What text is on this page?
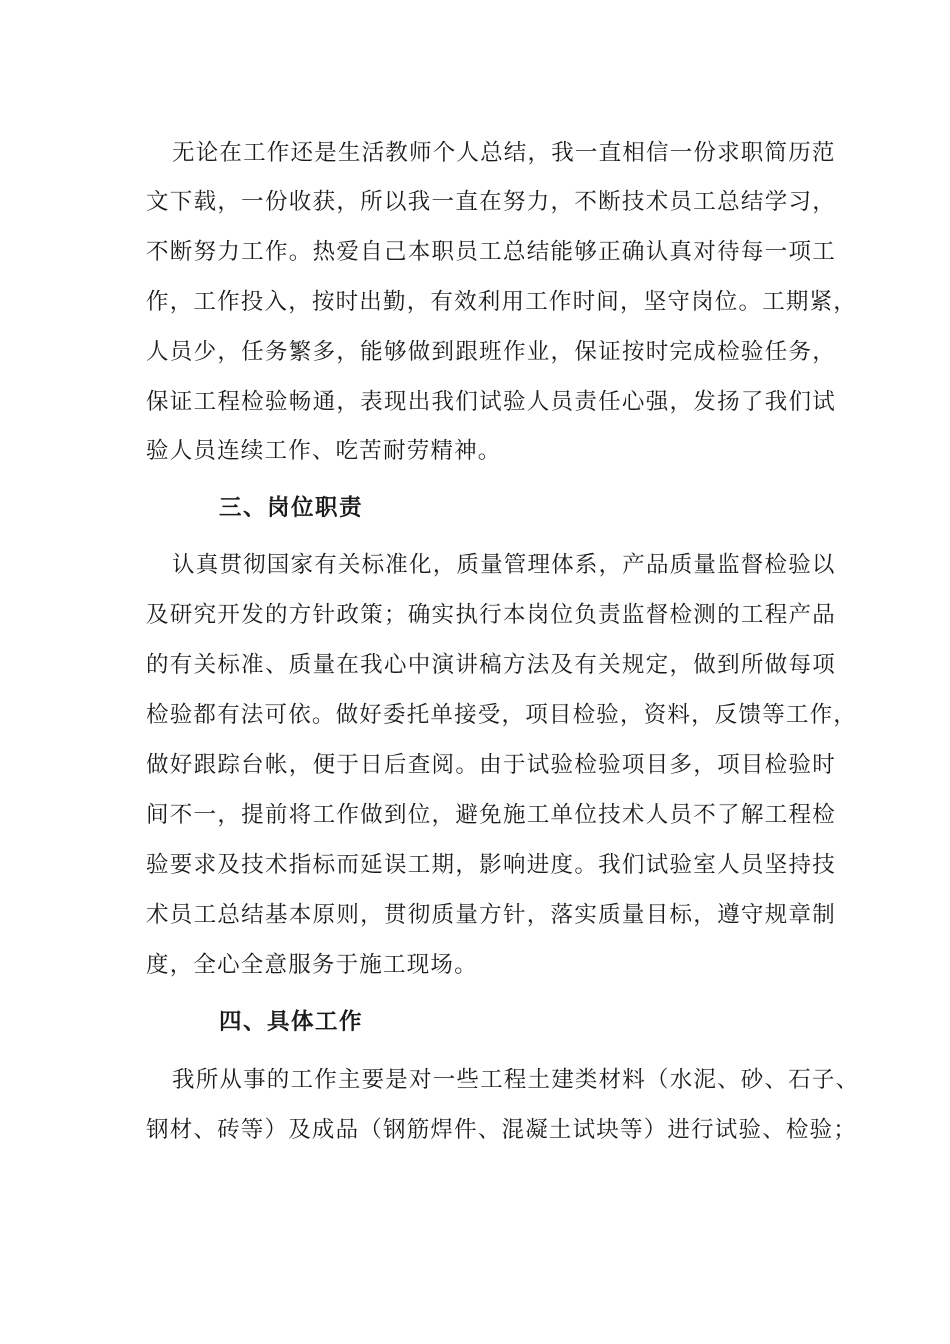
无论在工作还是生活教师个人总结，我一直相信一份求职简历范
文下载，一份收获，所以我一直在努力，不断技术员工总结学习，
不断努力工作。热爱自己本职员工总结能够正确认真对待每一项工
作，工作投入，按时出勤，有效利用工作时间，坚守岗位。工期紧，
人员少，任务繁多，能够做到跟班作业，保证按时完成检验任务，
保证工程检验畅通，表现出我们试验人员责任心强，发扬了我们试
验人员连续工作、吃苦耐劳精神。
三、岗位职责
认真贯彻国家有关标准化，质量管理体系，产品质量监督检验以
及研究开发的方针政策；确实执行本岗位负责监督检测的工程产品
的有关标准、质量在我心中演讲稿方法及有关规定，做到所做每项
检验都有法可依。做好委托单接受，项目检验，资料，反馈等工作，
做好跟踪台帐，便于日后查阅。由于试验检验项目多，项目检验时
间不一，提前将工作做到位，避免施工单位技术人员不了解工程检
验要求及技术指标而延误工期，影响进度。我们试验室人员坚持技
术员工总结基本原则，贯彻质量方针，落实质量目标，遵守规章制
度，全心全意服务于施工现场。
四、具体工作
我所从事的工作主要是对一些工程土建类材料（水泥、砂、石子、
钢材、砖等）及成品（钢筋焊件、混凝土试块等）进行试验、检验；
